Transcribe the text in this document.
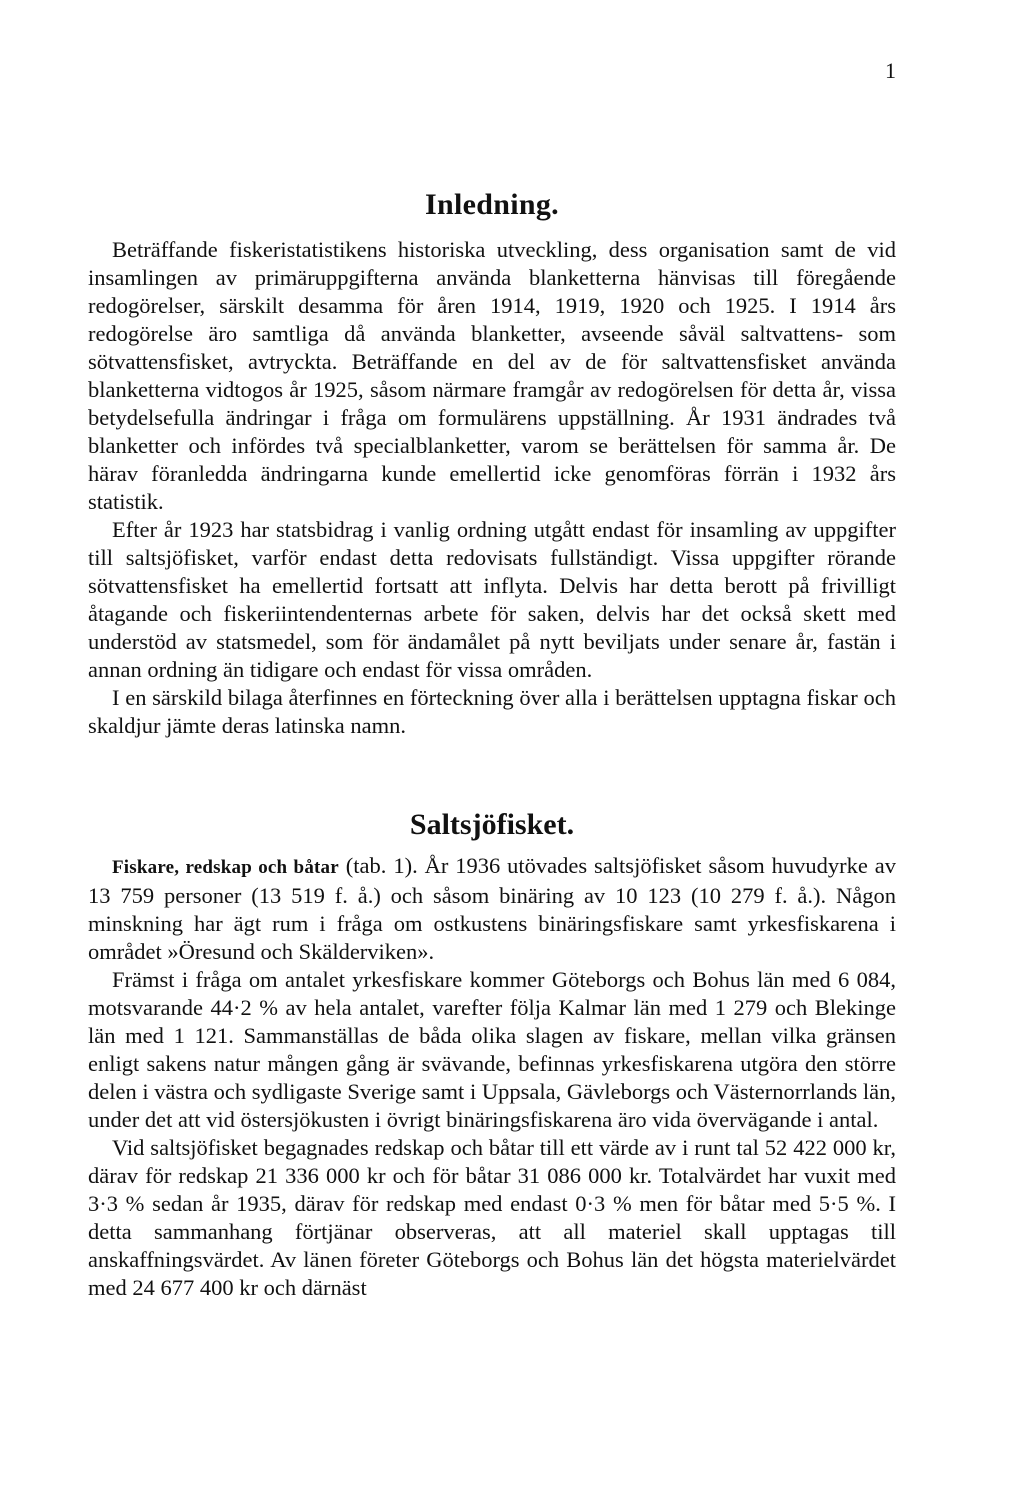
1
Inledning.

Beträffande fiskeristatistikens historiska utveckling, dess organisation samt de vid insamlingen av primäruppgifterna använda blanketterna hänvisas till föregående redogörelser, särskilt desamma för åren 1914, 1919, 1920 och 1925. I 1914 års redogörelse äro samtliga då använda blanketter, avseende såväl saltvattens- som sötvattensfisket, avtryckta. Beträffande en del av de för saltvattensfisket använda blanketterna vidtogos år 1925, såsom närmare framgår av redogörelsen för detta år, vissa betydelsefulla ändringar i fråga om formulärens uppställning. År 1931 ändrades två blanketter och infördes två specialblanketter, varom se berättelsen för samma år. De härav föranledda ändringarna kunde emellertid icke genomföras förrän i 1932 års statistik.

Efter år 1923 har statsbidrag i vanlig ordning utgått endast för insamling av uppgifter till saltsjöfisket, varför endast detta redovisats fullständigt. Vissa uppgifter rörande sötvattensfisket ha emellertid fortsatt att inflyta. Delvis har detta berott på frivilligt åtagande och fiskeriintendenternas arbete för saken, delvis har det också skett med understöd av statsmedel, som för ändamålet på nytt beviljats under senare år, fastän i annan ordning än tidigare och endast för vissa områden.

I en särskild bilaga återfinnes en förteckning över alla i berättelsen upptagna fiskar och skaldjur jämte deras latinska namn.

Saltsjöfisket.

Fiskare, redskap och båtar (tab. 1). År 1936 utövades saltsjöfisket såsom huvudyrke av 13 759 personer (13 519 f. å.) och såsom binäring av 10 123 (10 279 f. å.). Någon minskning har ägt rum i fråga om ostkustens binäringsfiskare samt yrkesfiskarena i området »Öresund och Skälderviken».

Främst i fråga om antalet yrkesfiskare kommer Göteborgs och Bohus län med 6 084, motsvarande 44·2 % av hela antalet, varefter följa Kalmar län med 1 279 och Blekinge län med 1 121. Sammanställas de båda olika slagen av fiskare, mellan vilka gränsen enligt sakens natur mången gång är svävande, befinnas yrkesfiskarena utgöra den större delen i västra och sydligaste Sverige samt i Uppsala, Gävleborgs och Västernorrlands län, under det att vid östersjökusten i övrigt binäringsfiskarena äro vida övervägande i antal.

Vid saltsjöfisket begagnades redskap och båtar till ett värde av i runt tal 52 422 000 kr, därav för redskap 21 336 000 kr och för båtar 31 086 000 kr. Totalvärdet har vuxit med 3·3 % sedan år 1935, därav för redskap med endast 0·3 % men för båtar med 5·5 %. I detta sammanhang förtjänar observeras, att all materiel skall upptagas till anskaffningsvärdet. Av länen företer Göteborgs och Bohus län det högsta materielvärdet med 24 677 400 kr och därnäst
